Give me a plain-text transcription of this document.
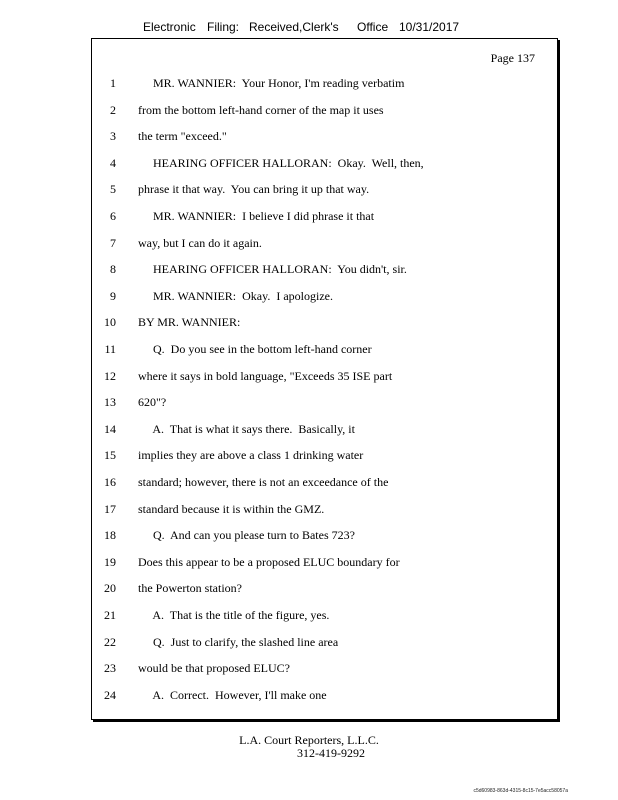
Electronic Filing: Received,Clerk's Office 10/31/2017
Page 137
1 MR. WANNIER:  Your Honor, I'm reading verbatim
2 from the bottom left-hand corner of the map it uses
3 the term "exceed."
4 HEARING OFFICER HALLORAN:  Okay.  Well, then,
5 phrase it that way.  You can bring it up that way.
6 MR. WANNIER:  I believe I did phrase it that
7 way, but I can do it again.
8 HEARING OFFICER HALLORAN:  You didn't, sir.
9 MR. WANNIER:  Okay.  I apologize.
10 BY MR. WANNIER:
11 Q.  Do you see in the bottom left-hand corner
12 where it says in bold language, "Exceeds 35 ISE part
13 620"?
14 A.  That is what it says there.  Basically, it
15 implies they are above a class 1 drinking water
16 standard; however, there is not an exceedance of the
17 standard because it is within the GMZ.
18 Q.  And can you please turn to Bates 723?
19 Does this appear to be a proposed ELUC boundary for
20 the Powerton station?
21 A.  That is the title of the figure, yes.
22 Q.  Just to clarify, the slashed line area
23 would be that proposed ELUC?
24 A.  Correct.  However, I'll make one
L.A. Court Reporters, L.L.C.
312-419-9292
c5d60983-863d-4315-8c15-7e5acc58057a
